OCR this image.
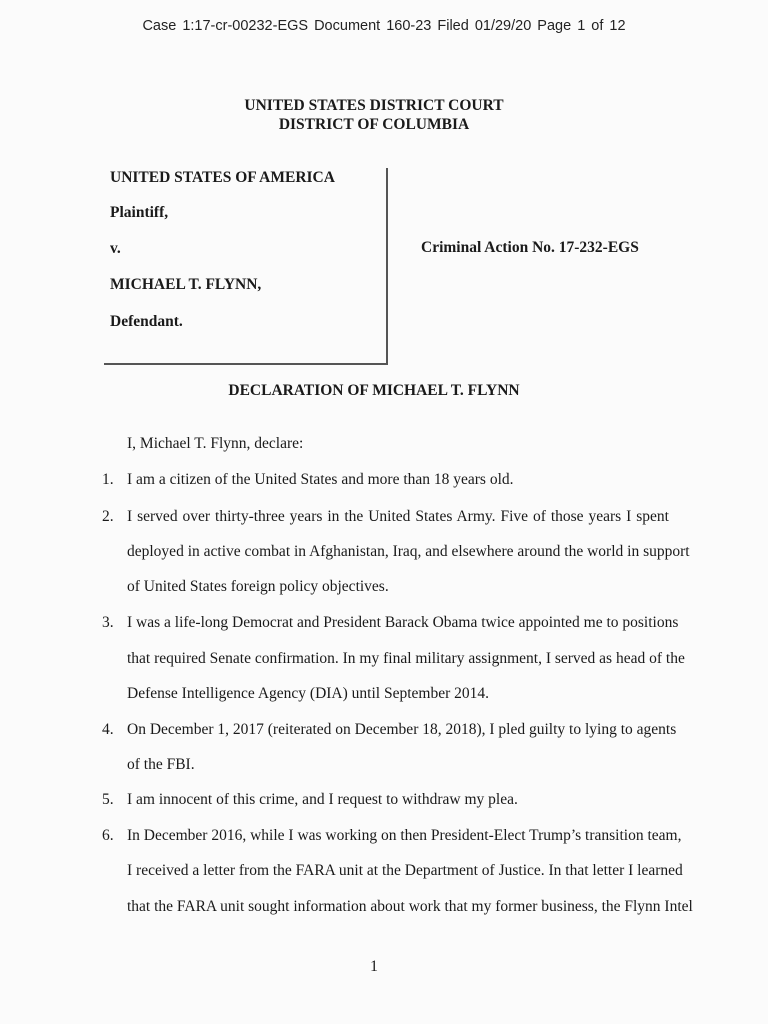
Case 1:17-cr-00232-EGS Document 160-23 Filed 01/29/20 Page 1 of 12
UNITED STATES DISTRICT COURT
DISTRICT OF COLUMBIA
UNITED STATES OF AMERICA
Plaintiff,
v.
MICHAEL T. FLYNN,
Defendant.
Criminal Action No. 17-232-EGS
DECLARATION OF MICHAEL T. FLYNN
I, Michael T. Flynn, declare:
1. I am a citizen of the United States and more than 18 years old.
2. I served over thirty-three years in the United States Army. Five of those years I spent
deployed in active combat in Afghanistan, Iraq, and elsewhere around the world in support
of United States foreign policy objectives.
3. I was a life-long Democrat and President Barack Obama twice appointed me to positions
that required Senate confirmation. In my final military assignment, I served as head of the
Defense Intelligence Agency (DIA) until September 2014.
4. On December 1, 2017 (reiterated on December 18, 2018), I pled guilty to lying to agents
of the FBI.
5. I am innocent of this crime, and I request to withdraw my plea.
6. In December 2016, while I was working on then President-Elect Trump’s transition team,
I received a letter from the FARA unit at the Department of Justice. In that letter I learned
that the FARA unit sought information about work that my former business, the Flynn Intel
1
